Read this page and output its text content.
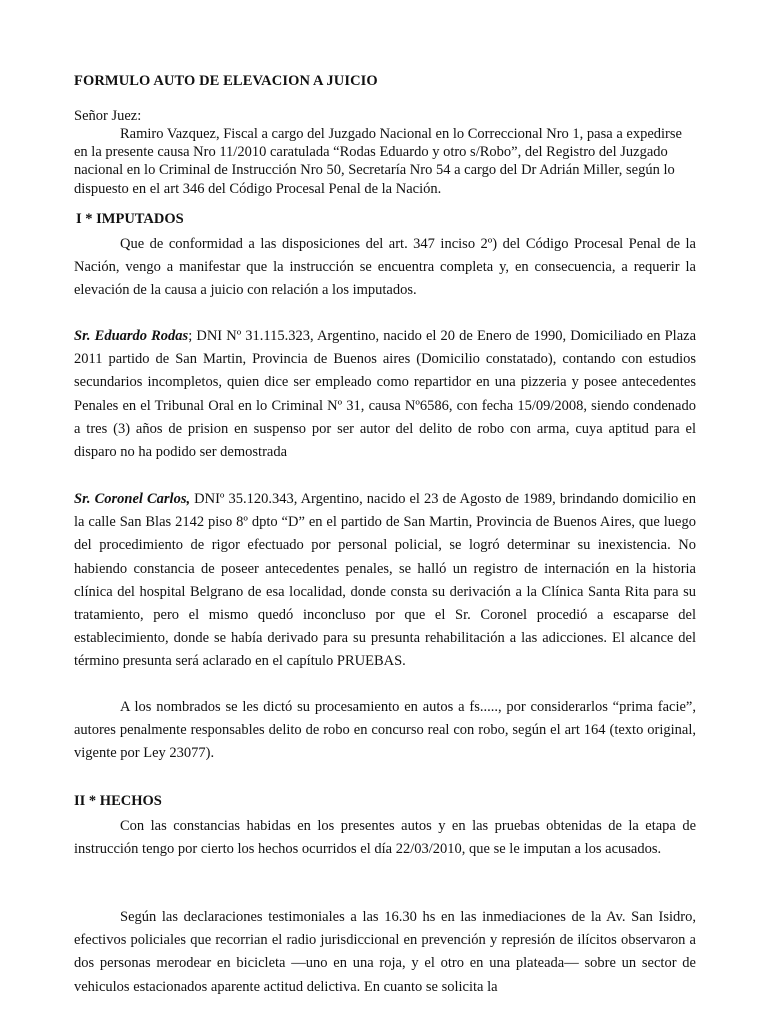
FORMULO AUTO DE ELEVACION A JUICIO
Señor Juez:
Ramiro Vazquez, Fiscal a cargo del Juzgado Nacional en lo Correccional Nro 1, pasa a expedirse en la presente causa Nro 11/2010 caratulada “Rodas Eduardo y otro s/Robo”, del Registro del Juzgado nacional en lo Criminal de Instrucción Nro 50, Secretaría Nro 54 a cargo del Dr Adrián Miller, según lo dispuesto en el art 346 del Código Procesal Penal de la Nación.
I * IMPUTADOS
Que de conformidad a las disposiciones del art. 347 inciso 2º) del Código Procesal Penal de la Nación, vengo a manifestar que la instrucción se encuentra completa y, en consecuencia, a requerir la elevación de la causa a juicio con relación a los imputados.
Sr. Eduardo Rodas; DNI Nº 31.115.323, Argentino, nacido el 20 de Enero de 1990, Domiciliado en Plaza 2011 partido de San Martin, Provincia de Buenos aires (Domicilio constatado), contando con estudios secundarios incompletos, quien dice ser empleado como repartidor en una pizzeria y posee antecedentes Penales en el Tribunal Oral en lo Criminal Nº 31, causa Nº6586, con fecha 15/09/2008, siendo condenado a tres (3) años de prision en suspenso por ser autor del delito de robo con arma, cuya aptitud para el disparo no ha podido ser demostrada
Sr. Coronel Carlos, DNIº 35.120.343, Argentino, nacido el 23 de Agosto de 1989, brindando domicilio en la calle San Blas 2142 piso 8º dpto “D” en el partido de San Martin, Provincia de Buenos Aires, que luego del procedimiento de rigor efectuado por personal policial, se logró determinar su inexistencia. No habiendo constancia de poseer antecedentes penales, se halló un registro de internación en la historia clínica del hospital Belgrano de esa localidad, donde consta su derivación a la Clínica Santa Rita para su tratamiento, pero el mismo quedó inconcluso por que el Sr. Coronel procedió a escaparse del establecimiento, donde se había derivado para su presunta rehabilitación a las adicciones. El alcance del término presunta será aclarado en el capítulo PRUEBAS.
A los nombrados se les dictó su procesamiento en autos a fs....., por considerarlos “prima facie”, autores penalmente responsables delito de robo en concurso real con robo, según el art 164 (texto original, vigente por Ley 23077).
II * HECHOS
Con las constancias habidas en los presentes autos y en las pruebas obtenidas de la etapa de instrucción tengo por cierto los hechos ocurridos el día 22/03/2010, que se le imputan a los acusados.
Según las declaraciones testimoniales a las 16.30 hs en las inmediaciones de la Av. San Isidro, efectivos policiales que recorrian el radio jurisdiccional en prevención y represión de ilícitos observaron a dos personas merodear en bicicleta —uno en una roja, y el otro en una plateada— sobre un sector de vehiculos estacionados aparente actitud delictiva. En cuanto se solicita la
